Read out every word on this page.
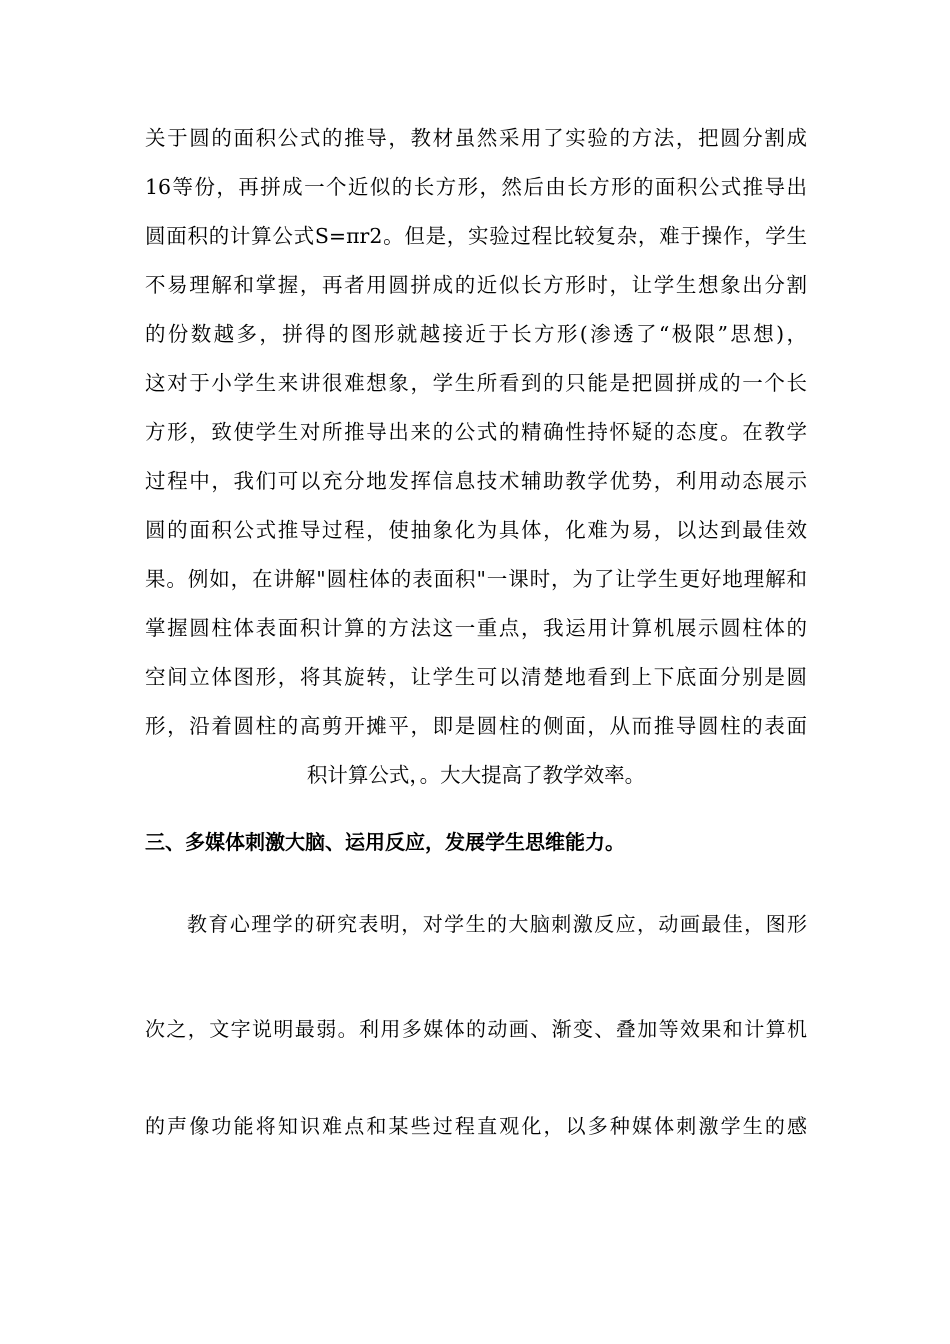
关于圆的面积公式的推导，教材虽然采用了实验的方法，把圆分割成
16等份，再拼成一个近似的长方形，然后由长方形的面积公式推导出
圆面积的计算公式S=πr2。但是，实验过程比较复杂，难于操作，学生
不易理解和掌握，再者用圆拼成的近似长方形时，让学生想象出分割
的份数越多，拼得的图形就越接近于长方形(渗透了“极限”思想)，
这对于小学生来讲很难想象，学生所看到的只能是把圆拼成的一个长
方形，致使学生对所推导出来的公式的精确性持怀疑的态度。在教学
过程中，我们可以充分地发挥信息技术辅助教学优势，利用动态展示
圆的面积公式推导过程，使抽象化为具体，化难为易，以达到最佳效
果。例如，在讲解"圆柱体的表面积"一课时，为了让学生更好地理解和
掌握圆柱体表面积计算的方法这一重点，我运用计算机展示圆柱体的
空间立体图形，将其旋转，让学生可以清楚地看到上下底面分别是圆
形，沿着圆柱的高剪开摊平，即是圆柱的侧面，从而推导圆柱的表面
积计算公式，。大大提高了教学效率。
三、多媒体刺激大脑、运用反应，发展学生思维能力。
教育心理学的研究表明，对学生的大脑刺激反应，动画最佳，图形
次之，文字说明最弱。利用多媒体的动画、渐变、叠加等效果和计算机
的声像功能将知识难点和某些过程直观化，以多种媒体刺激学生的感
